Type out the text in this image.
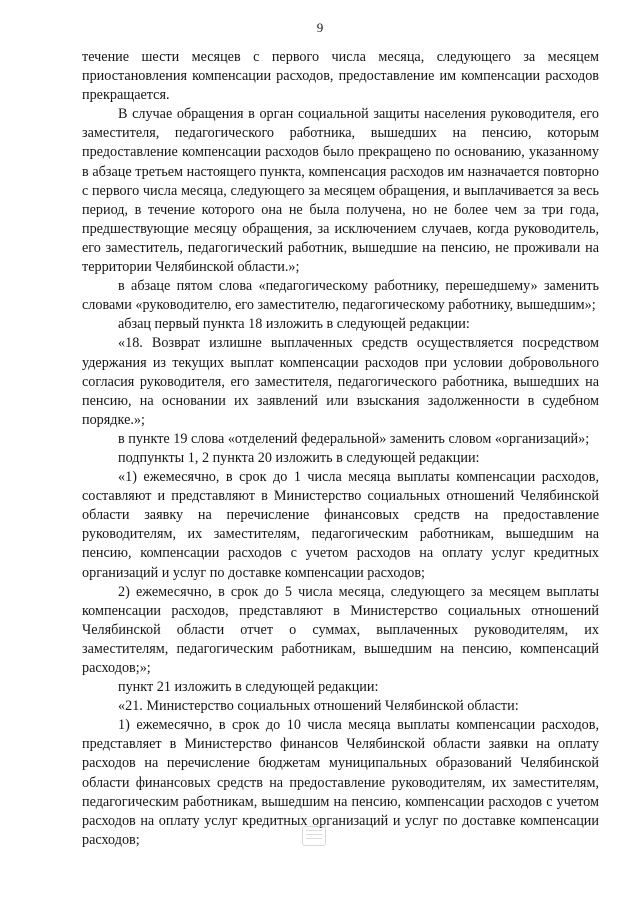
9

течение шести месяцев с первого числа месяца, следующего за месяцем приостановления компенсации расходов, предоставление им компенсации расходов прекращается.

В случае обращения в орган социальной защиты населения руководителя, его заместителя, педагогического работника, вышедших на пенсию, которым предоставление компенсации расходов было прекращено по основанию, указанному в абзаце третьем настоящего пункта, компенсация расходов им назначается повторно с первого числа месяца, следующего за месяцем обращения, и выплачивается за весь период, в течение которого она не была получена, но не более чем за три года, предшествующие месяцу обращения, за исключением случаев, когда руководитель, его заместитель, педагогический работник, вышедшие на пенсию, не проживали на территории Челябинской области.»;

в абзаце пятом слова «педагогическому работнику, перешедшему» заменить словами «руководителю, его заместителю, педагогическому работнику, вышедшим»;

абзац первый пункта 18 изложить в следующей редакции:

«18. Возврат излишне выплаченных средств осуществляется посредством удержания из текущих выплат компенсации расходов при условии добровольного согласия руководителя, его заместителя, педагогического работника, вышедших на пенсию, на основании их заявлений или взыскания задолженности в судебном порядке.»;

в пункте 19 слова «отделений федеральной» заменить словом «организаций»;

подпункты 1, 2 пункта 20 изложить в следующей редакции:

«1) ежемесячно, в срок до 1 числа месяца выплаты компенсации расходов, составляют и представляют в Министерство социальных отношений Челябинской области заявку на перечисление финансовых средств на предоставление руководителям, их заместителям, педагогическим работникам, вышедшим на пенсию, компенсации расходов с учетом расходов на оплату услуг кредитных организаций и услуг по доставке компенсации расходов;

2) ежемесячно, в срок до 5 числа месяца, следующего за месяцем выплаты компенсации расходов, представляют в Министерство социальных отношений Челябинской области отчет о суммах, выплаченных руководителям, их заместителям, педагогическим работникам, вышедшим на пенсию, компенсаций расходов;»;

пункт 21 изложить в следующей редакции:

«21. Министерство социальных отношений Челябинской области:

1) ежемесячно, в срок до 10 числа месяца выплаты компенсации расходов, представляет в Министерство финансов Челябинской области заявки на оплату расходов на перечисление бюджетам муниципальных образований Челябинской области финансовых средств на предоставление руководителям, их заместителям, педагогическим работникам, вышедшим на пенсию, компенсации расходов с учетом расходов на оплату услуг кредитных организаций и услуг по доставке компенсации расходов;
